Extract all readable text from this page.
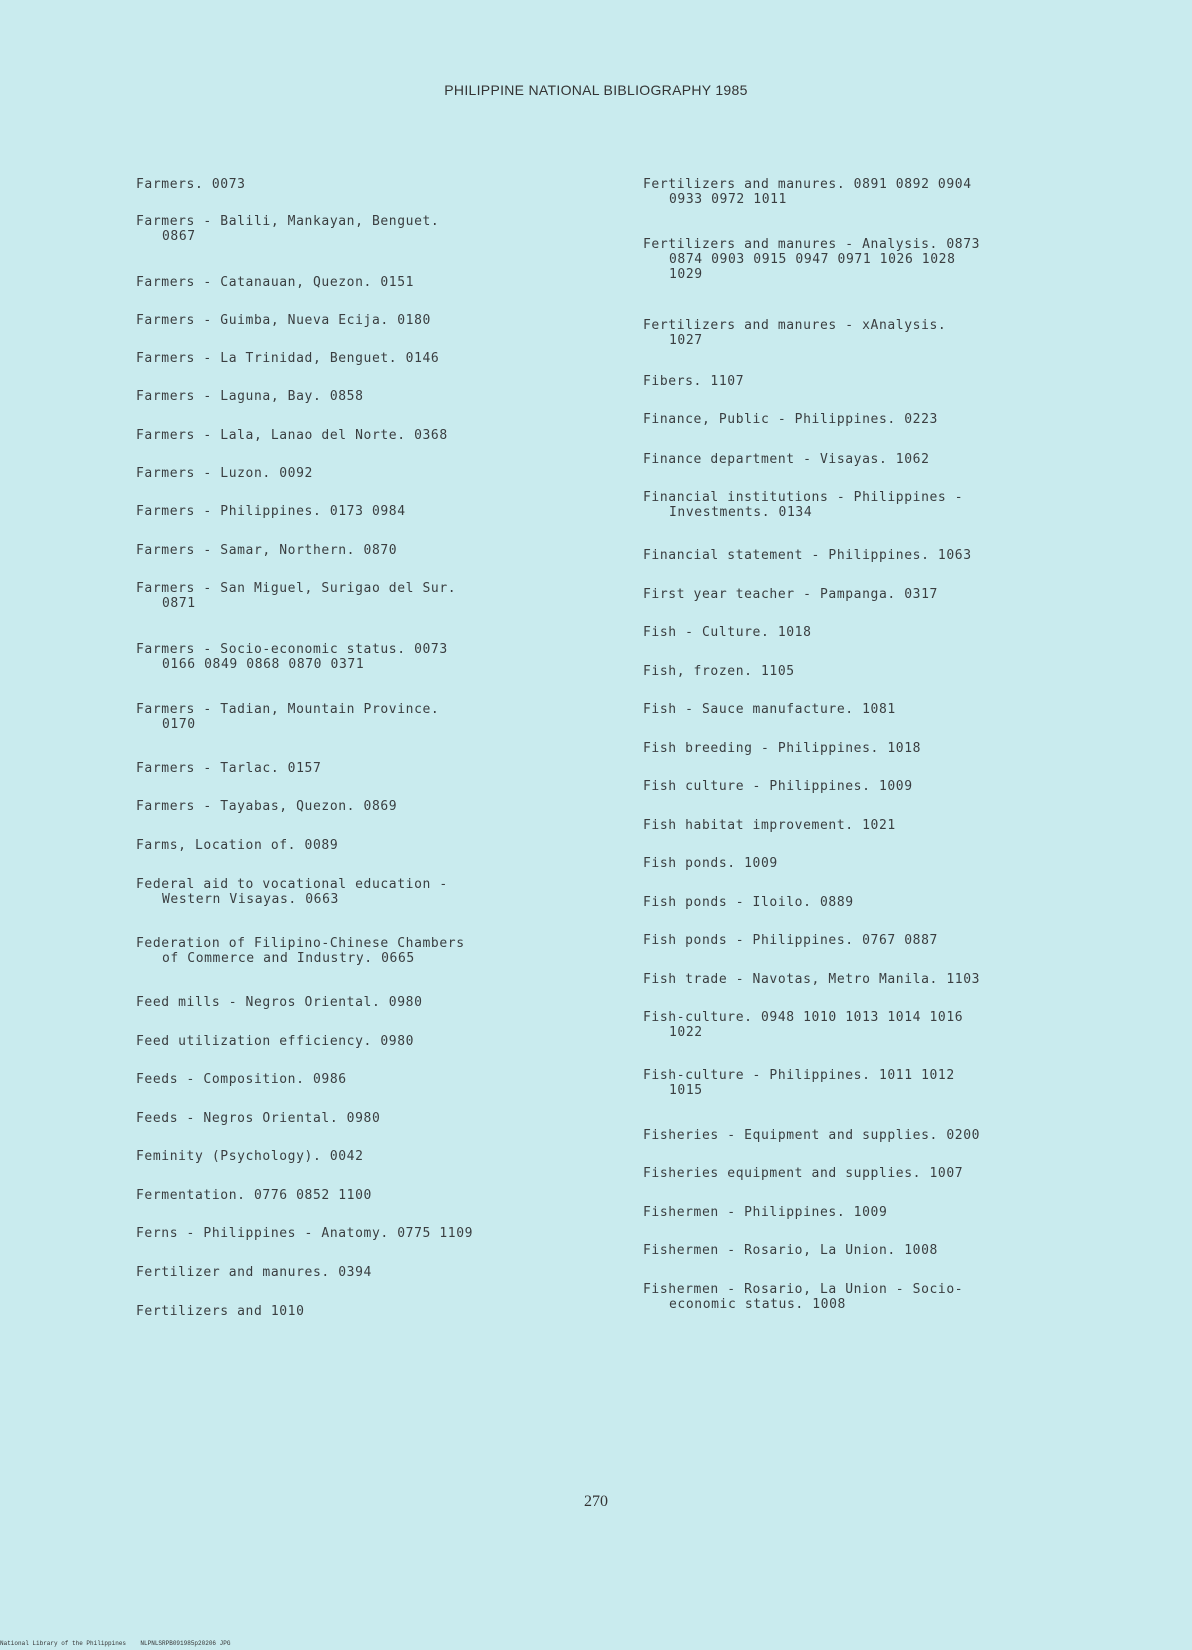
PHILIPPINE NATIONAL BIBLIOGRAPHY 1985
Farmers. 0073
Farmers - Balili, Mankayan, Benguet.
0867
Farmers - Catanauan, Quezon. 0151
Farmers - Guimba, Nueva Ecija. 0180
Farmers - La Trinidad, Benguet. 0146
Farmers - Laguna, Bay. 0858
Farmers - Lala, Lanao del Norte. 0368
Farmers - Luzon. 0092
Farmers - Philippines. 0173 0984
Farmers - Samar, Northern. 0870
Farmers - San Miguel, Surigao del Sur.
0871
Farmers - Socio-economic status. 0073
0166 0849 0868 0870 0371
Farmers - Tadian, Mountain Province.
0170
Farmers - Tarlac. 0157
Farmers - Tayabas, Quezon. 0869
Farms, Location of. 0089
Federal aid to vocational education -
Western Visayas. 0663
Federation of Filipino-Chinese Chambers
of Commerce and Industry. 0665
Feed mills - Negros Oriental. 0980
Feed utilization efficiency. 0980
Feeds - Composition. 0986
Feeds - Negros Oriental. 0980
Feminity (Psychology). 0042
Fermentation. 0776 0852 1100
Ferns - Philippines - Anatomy. 0775 1109
Fertilizer and manures. 0394
Fertilizers and 1010
Fertilizers and manures. 0891 0892 0904
0933 0972 1011
Fertilizers and manures - Analysis. 0873
0874 0903 0915 0947 0971 1026 1028
1029
Fertilizers and manures - xAnalysis.
1027
Fibers. 1107
Finance, Public - Philippines. 0223
Finance department - Visayas. 1062
Financial institutions - Philippines -
Investments. 0134
Financial statement - Philippines. 1063
First year teacher - Pampanga. 0317
Fish - Culture. 1018
Fish, frozen. 1105
Fish - Sauce manufacture. 1081
Fish breeding - Philippines. 1018
Fish culture - Philippines. 1009
Fish habitat improvement. 1021
Fish ponds. 1009
Fish ponds - Iloilo. 0889
Fish ponds - Philippines. 0767 0887
Fish trade - Navotas, Metro Manila. 1103
Fish-culture. 0948 1010 1013 1014 1016
1022
Fish-culture - Philippines. 1011 1012
1015
Fisheries - Equipment and supplies. 0200
Fisheries equipment and supplies. 1007
Fishermen - Philippines. 1009
Fishermen - Rosario, La Union. 1008
Fishermen - Rosario, La Union - Socio-
economic status. 1008
270
National Library of the Philippines    NLPNLSRPB091985p20206 JPG
